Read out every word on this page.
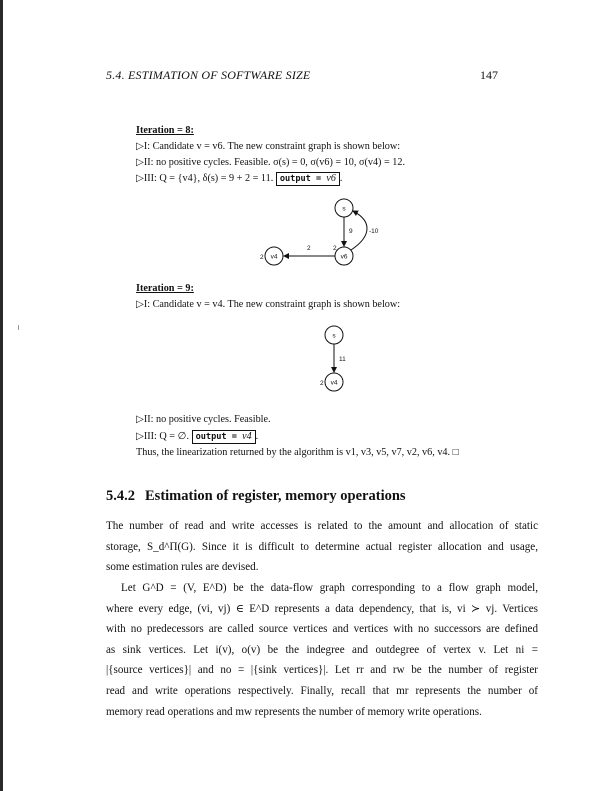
5.4. ESTIMATION OF SOFTWARE SIZE	147
Iteration = 8:
▷I: Candidate v = v6. The new constraint graph is shown below:
▷II: no positive cycles. Feasible. σ(s) = 0, σ(v6) = 10, σ(v4) = 12.
▷III: Q = {v4}, δ(s) = 9 + 2 = 11. output = v6 .
s
v6
v4
9	-10
2	2
2
Iteration = 9:
▷I: Candidate v = v4. The new constraint graph is shown below:
s
v4
11
2
▷II: no positive cycles. Feasible.
▷III: Q = ∅. output = v4 .
Thus, the linearization returned by the algorithm is v1, v3, v5, v7, v2, v6, v4. □
5.4.2 Estimation of register, memory operations
The number of read and write accesses is related to the amount and allocation of static
storage, S_d^Π(G). Since it is difficult to determine actual register allocation and usage,
some estimation rules are devised.
Let G^D = (V, E^D) be the data-flow graph corresponding to a flow graph model,
where every edge, (vi, vj) ∈ E^D represents a data dependency, that is, vi ≻ vj. Vertices
with no predecessors are called source vertices and vertices with no successors are defined
as sink vertices. Let i(v), o(v) be the indegree and outdegree of vertex v. Let ni =
|{source vertices}| and no = |{sink vertices}|. Let rr and rw be the number of register
read and write operations respectively. Finally, recall that mr represents the number of
memory read operations and mw represents the number of memory write operations.
